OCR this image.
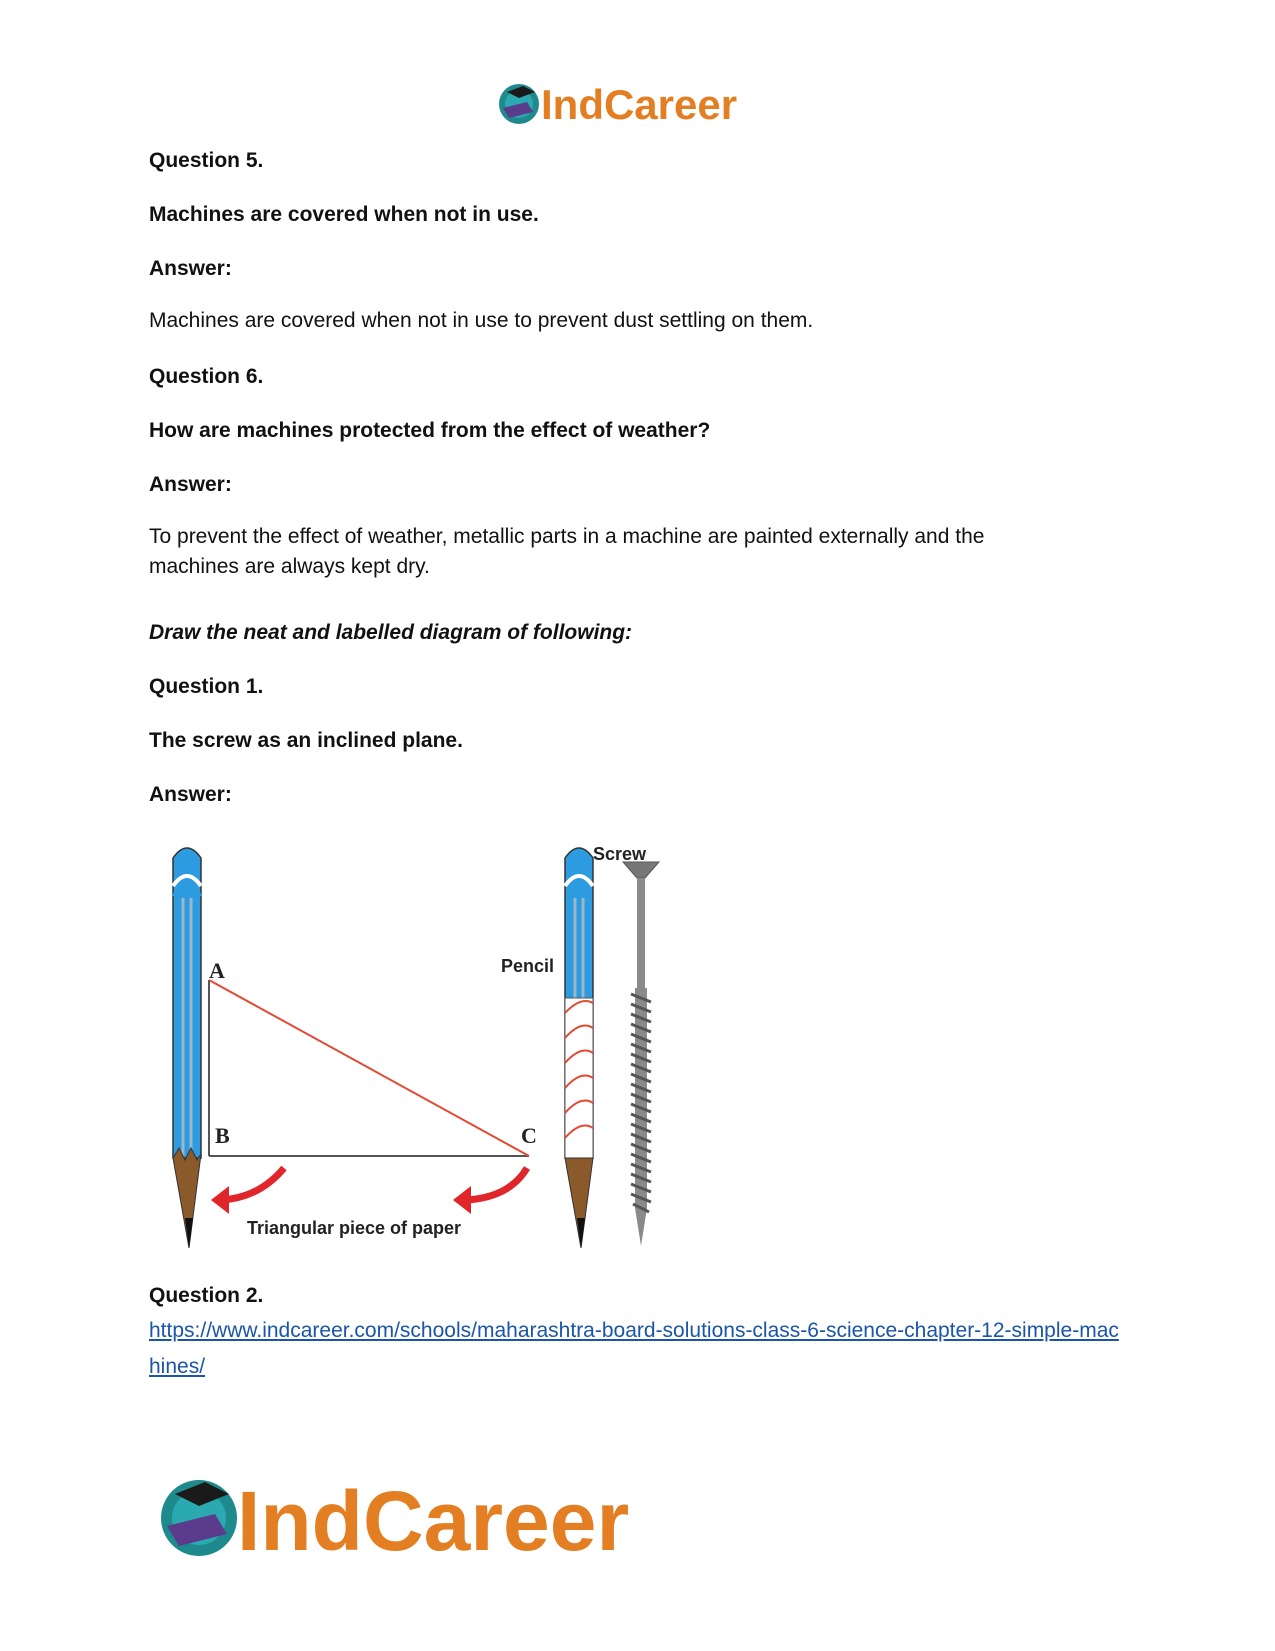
IndCareer
Question 5.
Machines are covered when not in use.
Answer:
Machines are covered when not in use to prevent dust settling on them.
Question 6.
How are machines protected from the effect of weather?
Answer:
To prevent the effect of weather, metallic parts in a machine are painted externally and the machines are always kept dry.
Draw the neat and labelled diagram of following:
Question 1.
The screw as an inclined plane.
Answer:
A
B	C
Triangular piece of paper
Pencil
Screw
Question 2.
https://www.indcareer.com/schools/maharashtra-board-solutions-class-6-science-chapter-12-simple-machines/
IndCareer
